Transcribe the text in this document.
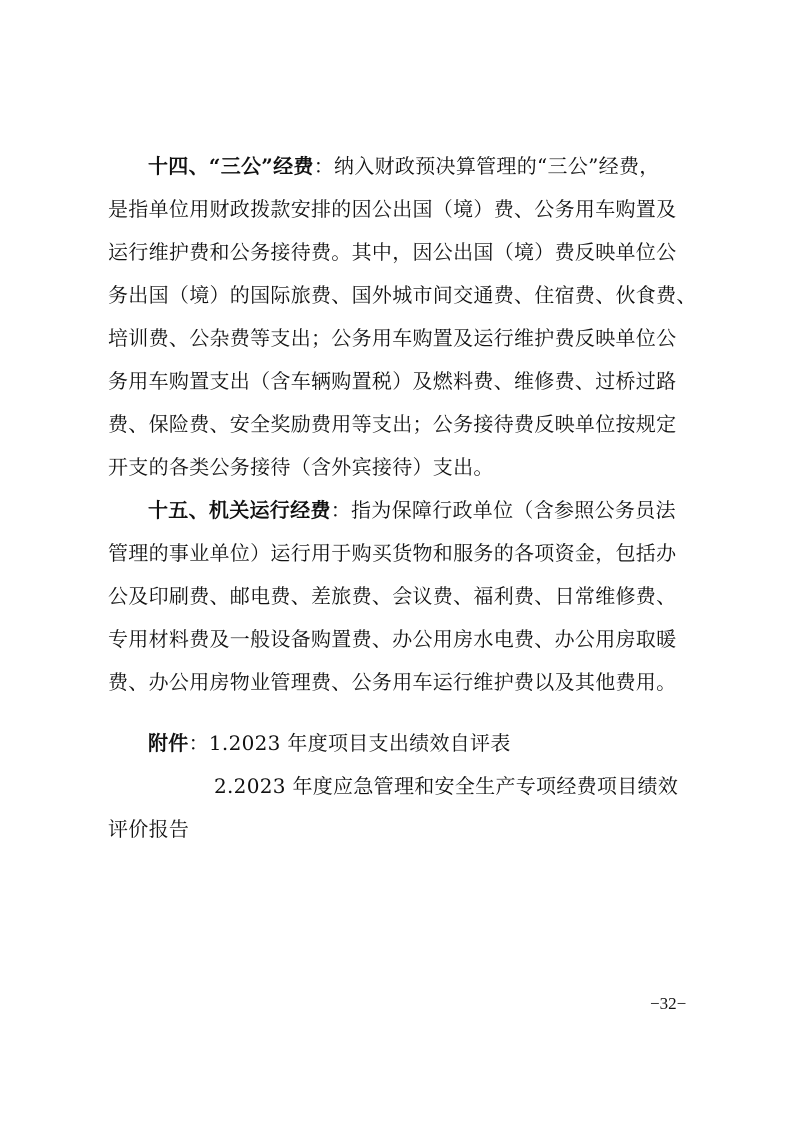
十四、“三公”经费：纳入财政预决算管理的“三公”经费，
是指单位用财政拨款安排的因公出国（境）费、公务用车购置及
运行维护费和公务接待费。其中，因公出国（境）费反映单位公
务出国（境）的国际旅费、国外城市间交通费、住宿费、伙食费、
培训费、公杂费等支出；公务用车购置及运行维护费反映单位公
务用车购置支出（含车辆购置税）及燃料费、维修费、过桥过路
费、保险费、安全奖励费用等支出；公务接待费反映单位按规定
开支的各类公务接待（含外宾接待）支出。
十五、机关运行经费：指为保障行政单位（含参照公务员法
管理的事业单位）运行用于购买货物和服务的各项资金，包括办
公及印刷费、邮电费、差旅费、会议费、福利费、日常维修费、
专用材料费及一般设备购置费、办公用房水电费、办公用房取暖
费、办公用房物业管理费、公务用车运行维护费以及其他费用。
附件：1.2023 年度项目支出绩效自评表
2.2023 年度应急管理和安全生产专项经费项目绩效
评价报告
−32−
